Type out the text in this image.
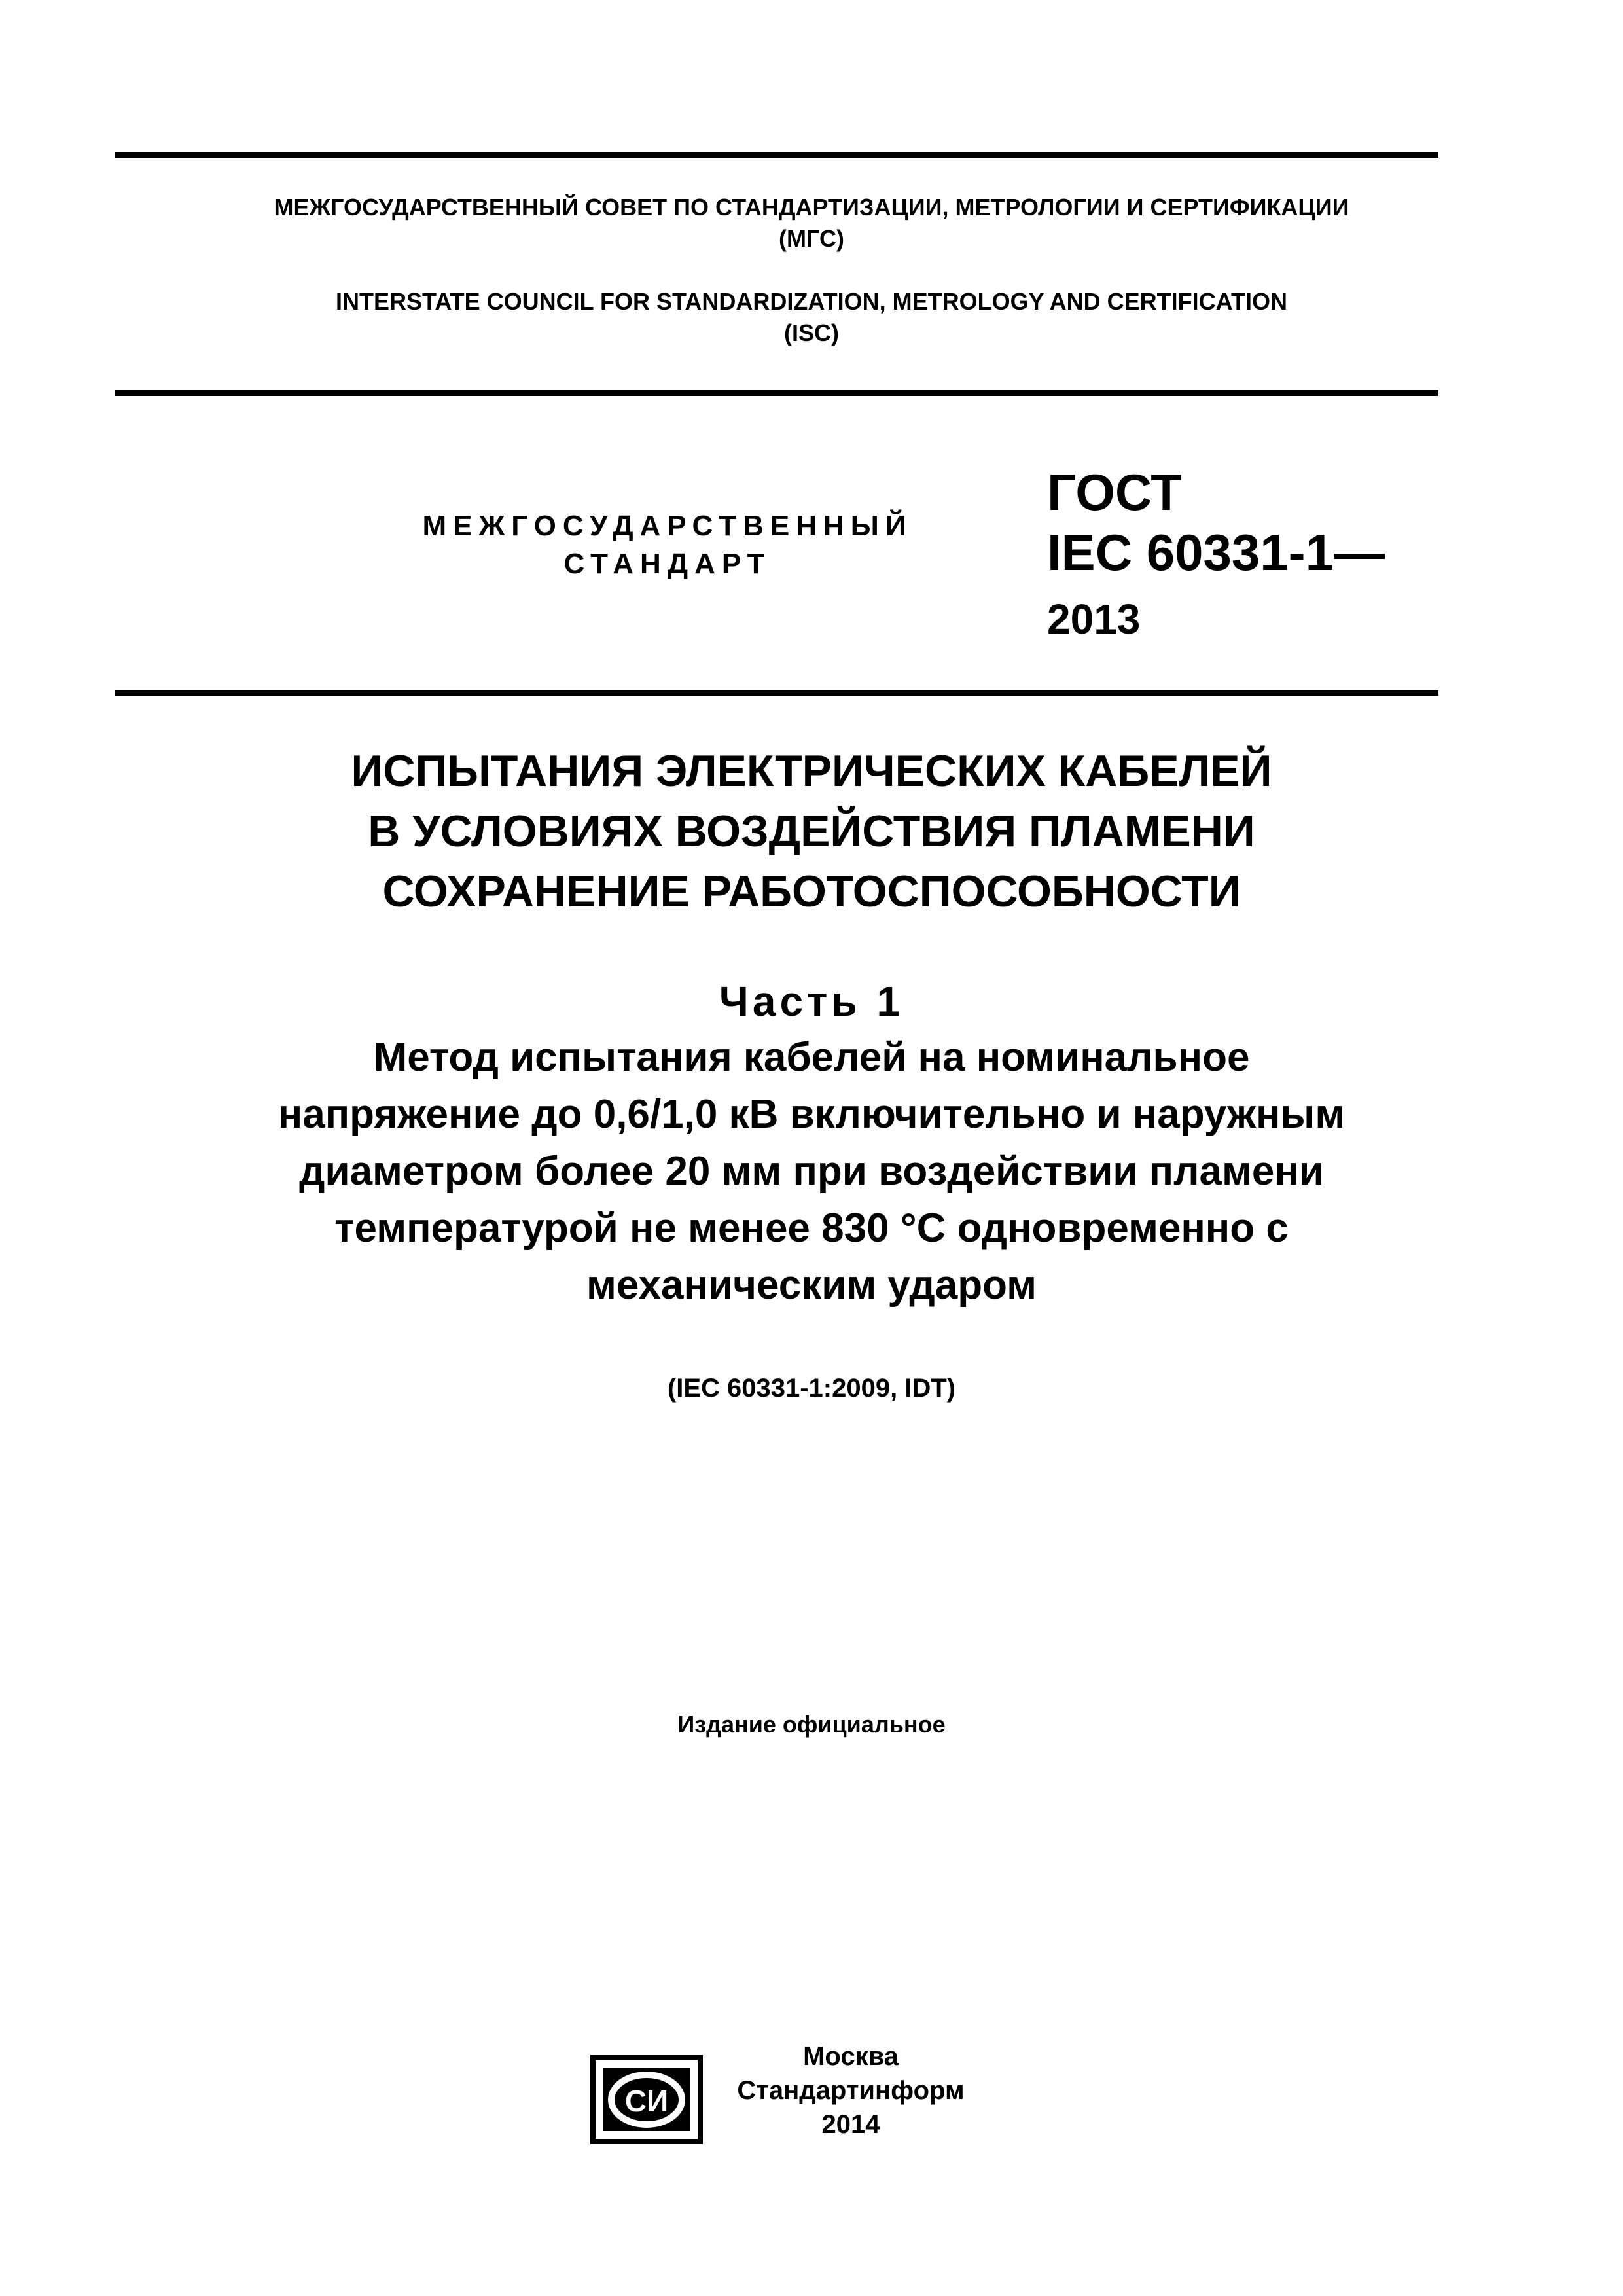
МЕЖГОСУДАРСТВЕННЫЙ СОВЕТ ПО СТАНДАРТИЗАЦИИ, МЕТРОЛОГИИ И СЕРТИФИКАЦИИ
(МГС)
INTERSTATE COUNCIL FOR STANDARDIZATION, METROLOGY AND CERTIFICATION
(ISC)
МЕЖГОСУДАРСТВЕННЫЙ
СТАНДАРТ
ГОСТ
IEC 60331-1—
2013
ИСПЫТАНИЯ ЭЛЕКТРИЧЕСКИХ КАБЕЛЕЙ
В УСЛОВИЯХ ВОЗДЕЙСТВИЯ ПЛАМЕНИ
СОХРАНЕНИЕ РАБОТОСПОСОБНОСТИ
Часть 1
Метод испытания кабелей на номинальное
напряжение до 0,6/1,0 кВ включительно и наружным
диаметром более 20 мм при воздействии пламени
температурой не менее 830 °С одновременно с
механическим ударом
(IEC 60331-1:2009, IDT)
Издание официальное
СИ
Москва
Стандартинформ
2014
